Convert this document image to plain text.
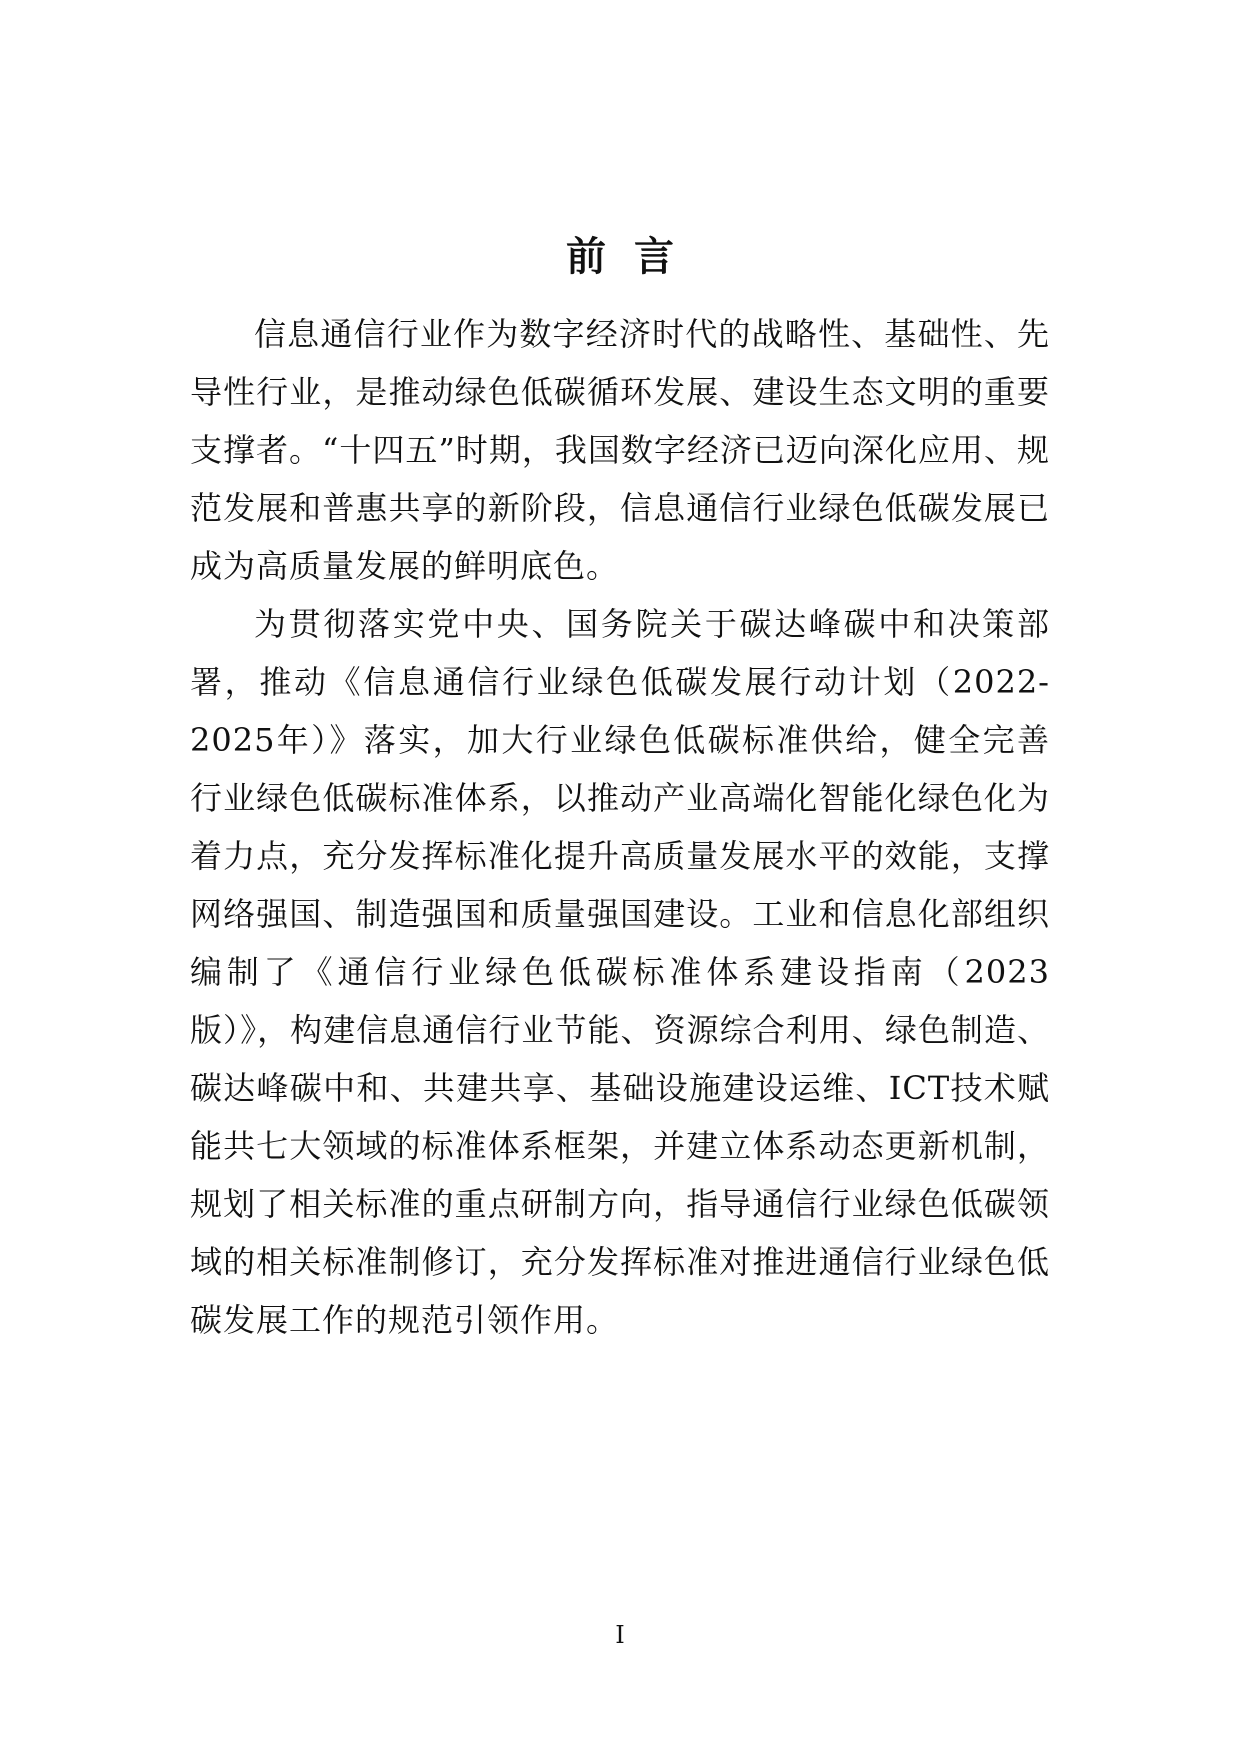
前言

信息通信行业作为数字经济时代的战略性、基础性、先导性行业，是推动绿色低碳循环发展、建设生态文明的重要支撑者。“十四五”时期，我国数字经济已迈向深化应用、规范发展和普惠共享的新阶段，信息通信行业绿色低碳发展已成为高质量发展的鲜明底色。

为贯彻落实党中央、国务院关于碳达峰碳中和决策部署，推动《信息通信行业绿色低碳发展行动计划（2022-2025年）》落实，加大行业绿色低碳标准供给，健全完善行业绿色低碳标准体系，以推动产业高端化智能化绿色化为着力点，充分发挥标准化提升高质量发展水平的效能，支撑网络强国、制造强国和质量强国建设。工业和信息化部组织编制了《通信行业绿色低碳标准体系建设指南（2023版）》，构建信息通信行业节能、资源综合利用、绿色制造、碳达峰碳中和、共建共享、基础设施建设运维、ICT技术赋能共七大领域的标准体系框架，并建立体系动态更新机制，规划了相关标准的重点研制方向，指导通信行业绿色低碳领域的相关标准制修订，充分发挥标准对推进通信行业绿色低碳发展工作的规范引领作用。

I
